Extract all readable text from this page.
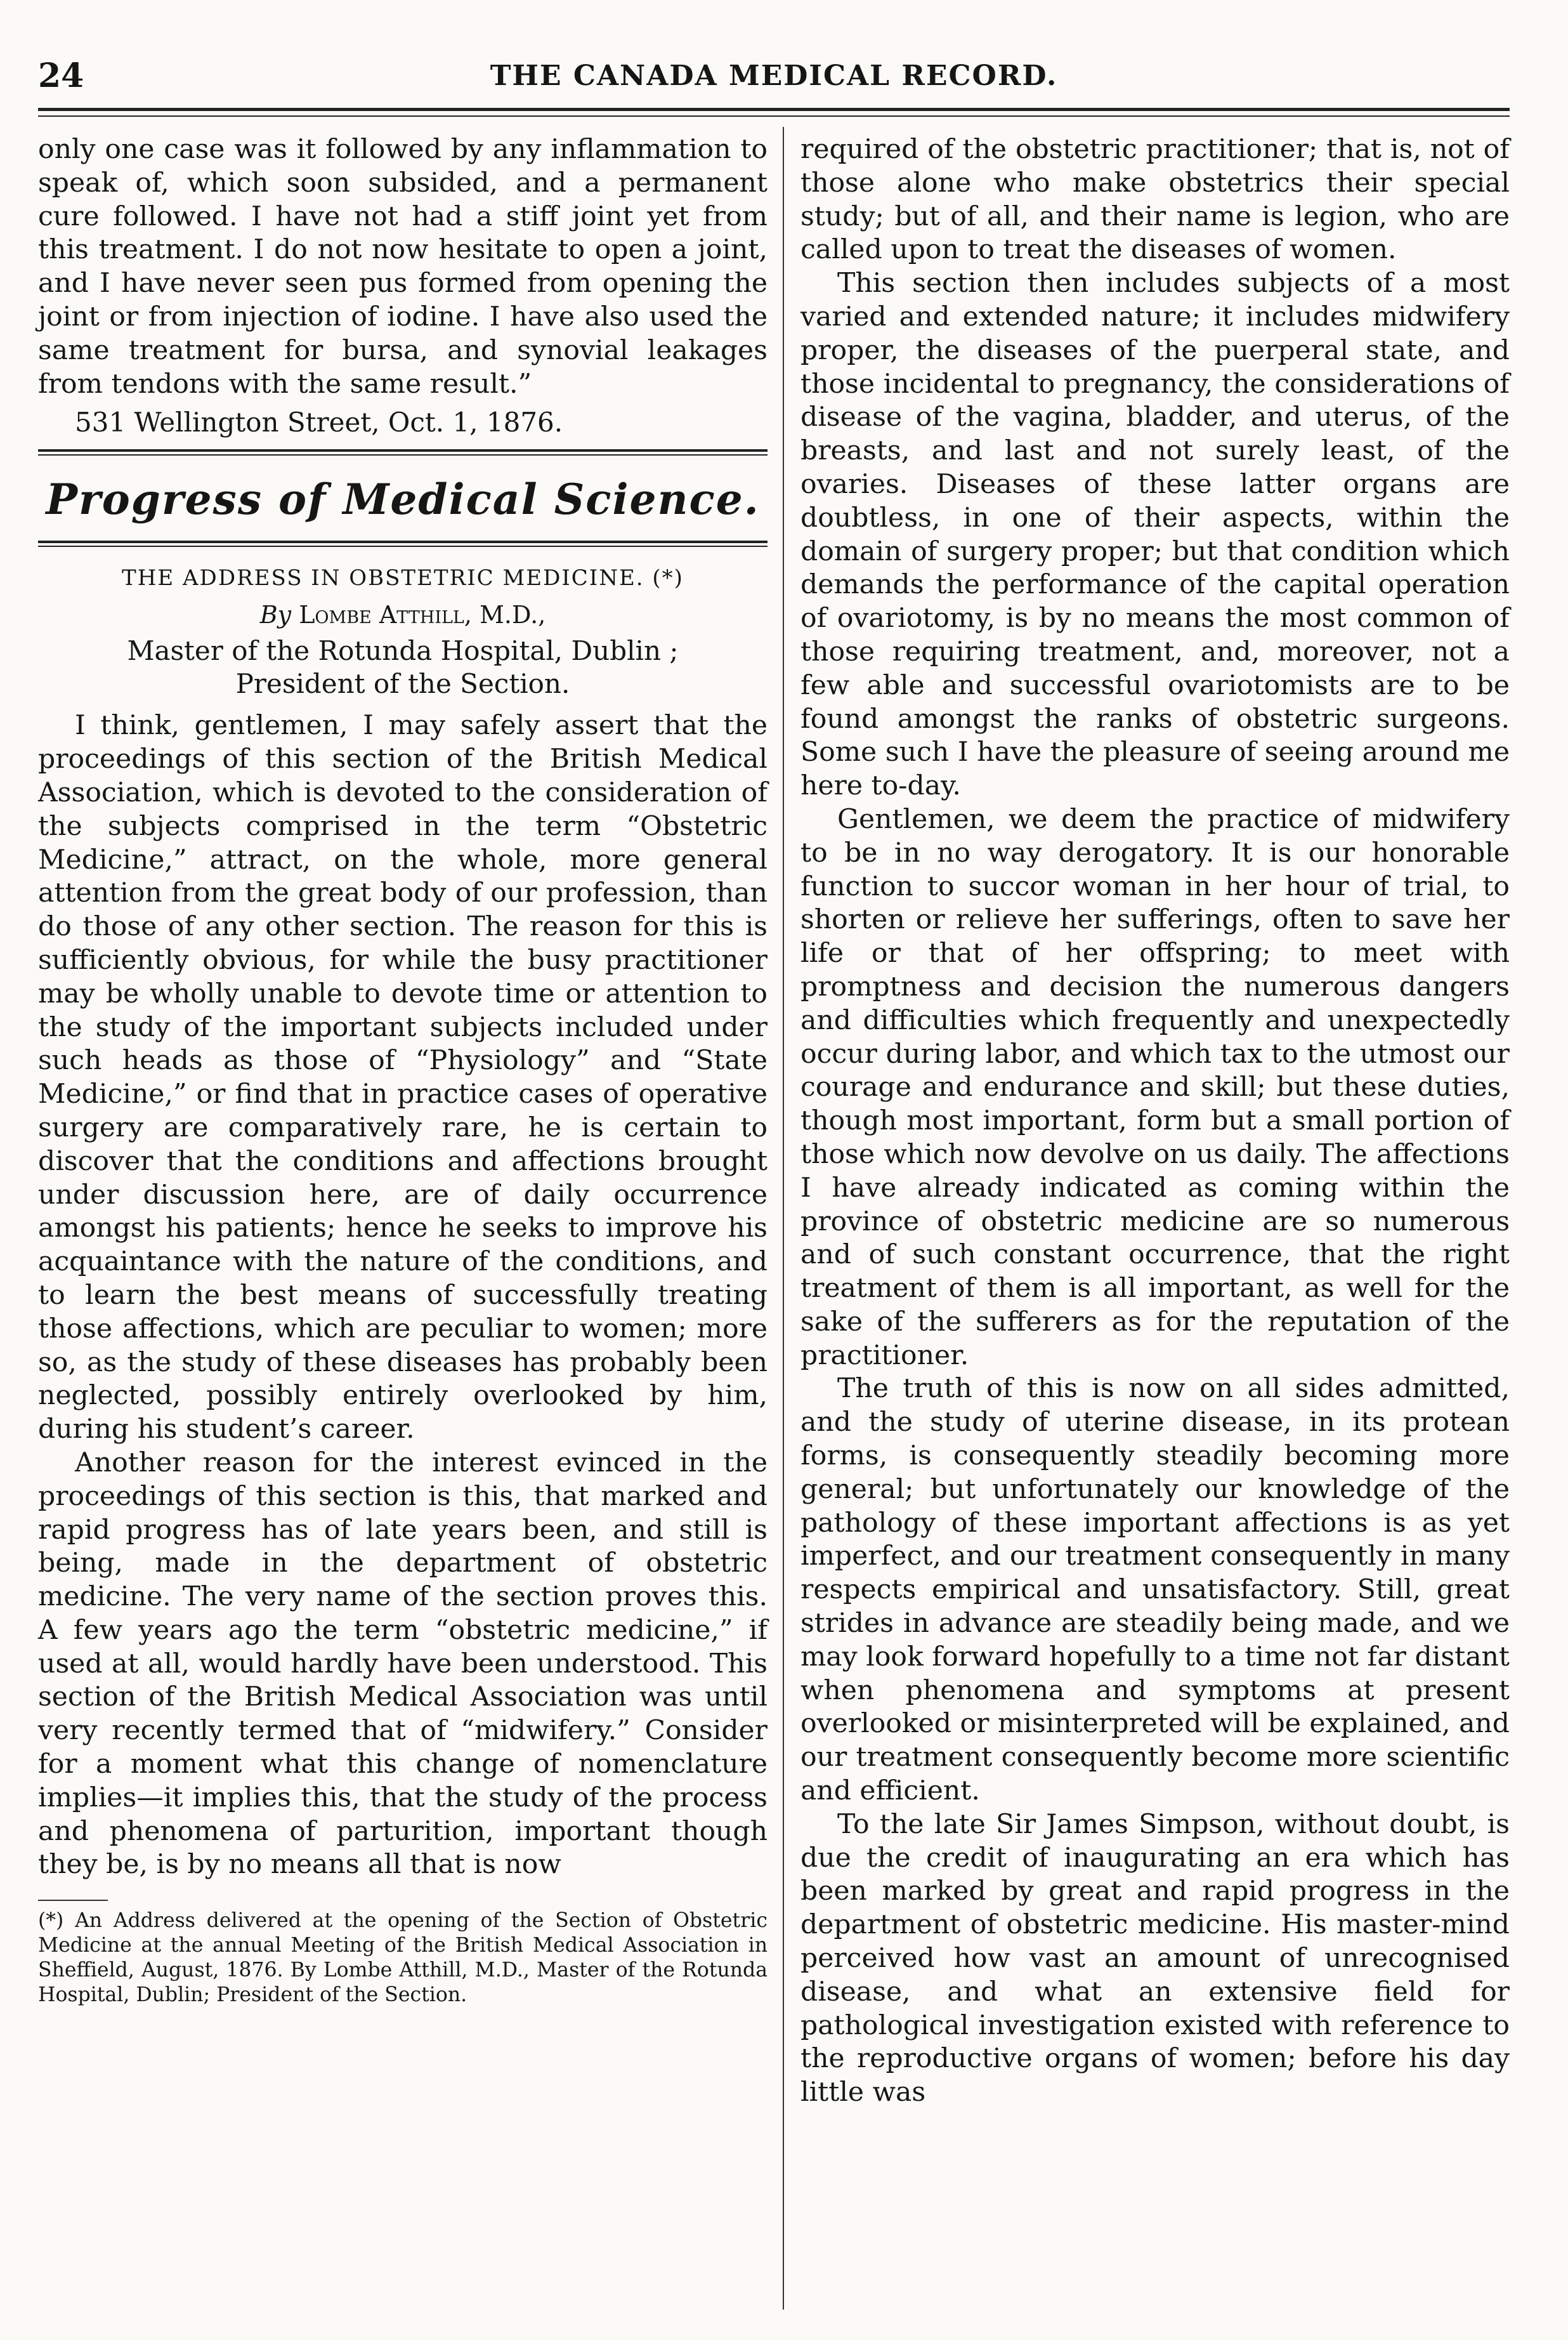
24	THE CANADA MEDICAL RECORD.

only one case was it followed by any inflammation to speak of, which soon subsided, and a permanent cure followed. I have not had a stiff joint yet from this treatment. I do not now hesitate to open a joint, and I have never seen pus formed from opening the joint or from injection of iodine. I have also used the same treatment for bursa, and synovial leakages from tendons with the same result.”

531 Wellington Street, Oct. 1, 1876.

Progress of Medical Science.
THE ADDRESS IN OBSTETRIC MEDICINE. (*)
By Lombe Atthill, M.D.,
Master of the Rotunda Hospital, Dublin ;
President of the Section.

I think, gentlemen, I may safely assert that the proceedings of this section of the British Medical Association, which is devoted to the consideration of the subjects comprised in the term “Obstetric Medicine,” attract, on the whole, more general attention from the great body of our profession, than do those of any other section. The reason for this is sufficiently obvious, for while the busy practitioner may be wholly unable to devote time or attention to the study of the important subjects included under such heads as those of “Physiology” and “State Medicine,” or find that in practice cases of operative surgery are comparatively rare, he is certain to discover that the conditions and affections brought under discussion here, are of daily occurrence amongst his patients; hence he seeks to improve his acquaintance with the nature of the conditions, and to learn the best means of successfully treating those affections, which are peculiar to women; more so, as the study of these diseases has probably been neglected, possibly entirely overlooked by him, during his student’s career.

Another reason for the interest evinced in the proceedings of this section is this, that marked and rapid progress has of late years been, and still is being, made in the department of obstetric medicine. The very name of the section proves this. A few years ago the term “obstetric medicine,” if used at all, would hardly have been understood. This section of the British Medical Association was until very recently termed that of “midwifery.” Consider for a moment what this change of nomenclature implies—it implies this, that the study of the process and phenomena of parturition, important though they be, is by no means all that is now

(*) An Address delivered at the opening of the Section of Obstetric Medicine at the annual Meeting of the British Medical Association in Sheffield, August, 1876. By Lombe Atthill, M.D., Master of the Rotunda Hospital, Dublin; President of the Section.

required of the obstetric practitioner; that is, not of those alone who make obstetrics their special study; but of all, and their name is legion, who are called upon to treat the diseases of women.

This section then includes subjects of a most varied and extended nature; it includes midwifery proper, the diseases of the puerperal state, and those incidental to pregnancy, the considerations of disease of the vagina, bladder, and uterus, of the breasts, and last and not surely least, of the ovaries. Diseases of these latter organs are doubtless, in one of their aspects, within the domain of surgery proper; but that condition which demands the performance of the capital operation of ovariotomy, is by no means the most common of those requiring treatment, and, moreover, not a few able and successful ovariotomists are to be found amongst the ranks of obstetric surgeons. Some such I have the pleasure of seeing around me here to-day.

Gentlemen, we deem the practice of midwifery to be in no way derogatory. It is our honorable function to succor woman in her hour of trial, to shorten or relieve her sufferings, often to save her life or that of her offspring; to meet with promptness and decision the numerous dangers and difficulties which frequently and unexpectedly occur during labor, and which tax to the utmost our courage and endurance and skill; but these duties, though most important, form but a small portion of those which now devolve on us daily. The affections I have already indicated as coming within the province of obstetric medicine are so numerous and of such constant occurrence, that the right treatment of them is all important, as well for the sake of the sufferers as for the reputation of the practitioner.

The truth of this is now on all sides admitted, and the study of uterine disease, in its protean forms, is consequently steadily becoming more general; but unfortunately our knowledge of the pathology of these important affections is as yet imperfect, and our treatment consequently in many respects empirical and unsatisfactory. Still, great strides in advance are steadily being made, and we may look forward hopefully to a time not far distant when phenomena and symptoms at present overlooked or misinterpreted will be explained, and our treatment consequently become more scientific and efficient.

To the late Sir James Simpson, without doubt, is due the credit of inaugurating an era which has been marked by great and rapid progress in the department of obstetric medicine. His master-mind perceived how vast an amount of unrecognised disease, and what an extensive field for pathological investigation existed with reference to the reproductive organs of women; before his day little was
